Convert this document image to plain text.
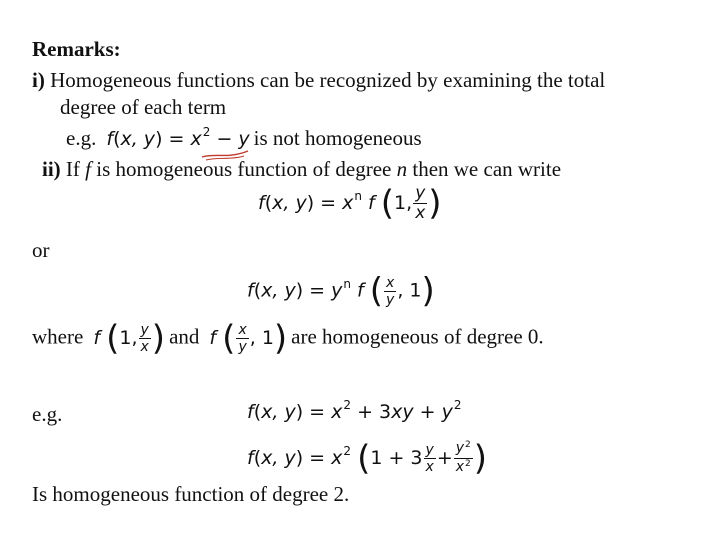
Remarks:
i) Homogeneous functions can be recognized by examining the total
degree of each term
e.g.  f(x, $y) = x^2 - y$ is not homogeneous
ii) If f is homogeneous function of degree n then we can write
f(x, $y) = x^n$ f (1, $\frac{y}{x}$ )
or
f(x, $y) = y^n$ f ( $\frac{x}{y}$ , 1)
where  f (1, $\frac{y}{x}$ ) and  f ( $\frac{x}{y}$ , 1) are homogeneous of degree 0.
e.g.	f(x, $y) = x^2 + 3xy + y^2$
f(x, $y) = x^2$ ($1 + 3 \frac{y}{x} + \frac{y^2}{x^2}$ )
Is homogeneous function of degree 2.
